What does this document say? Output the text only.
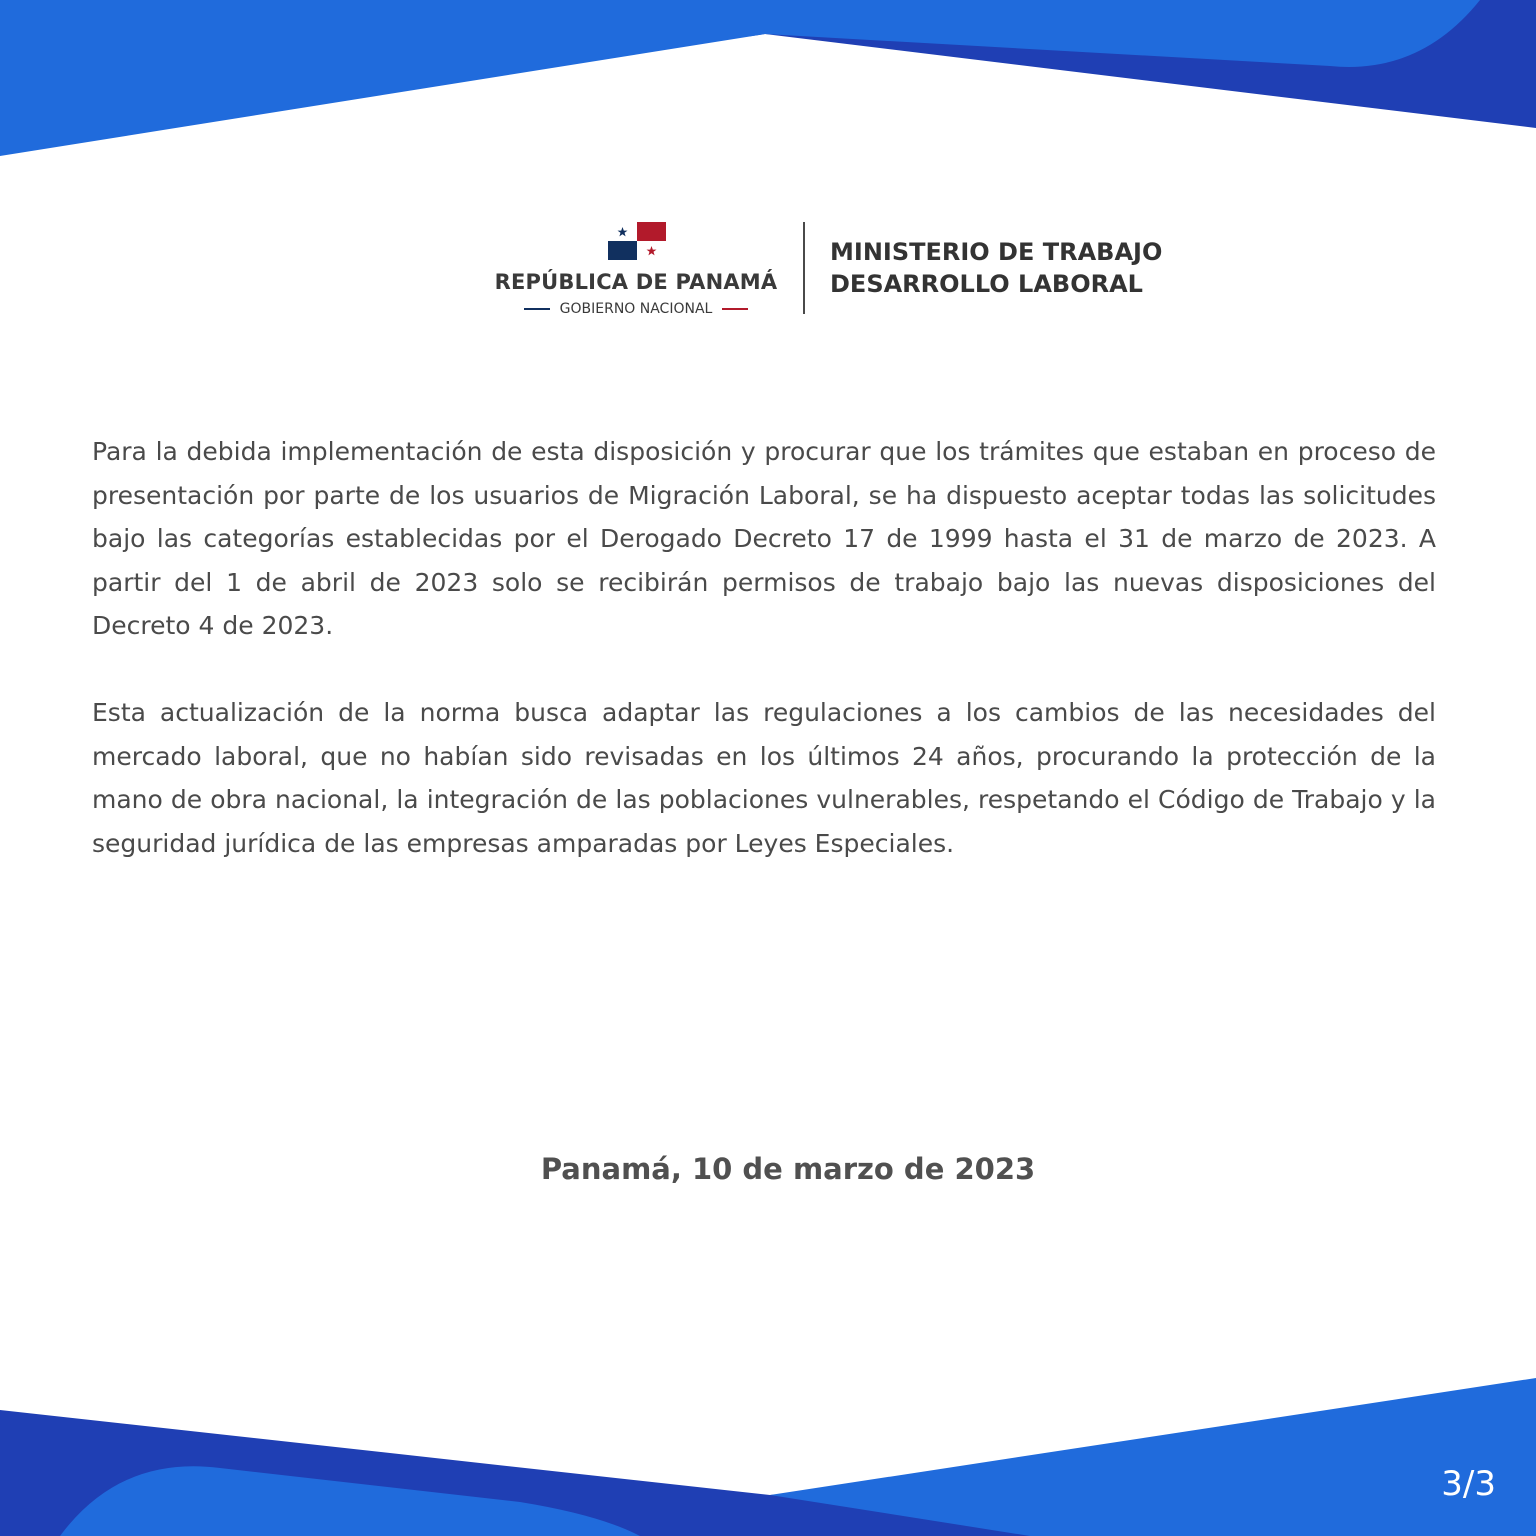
REPÚBLICA DE PANAMÁ
GOBIERNO NACIONAL
MINISTERIO DE TRABAJO
DESARROLLO LABORAL

Para la debida implementación de esta disposición y procurar que los trámites que estaban en proceso de presentación por parte de los usuarios de Migración Laboral, se ha dispuesto aceptar todas las solicitudes bajo las categorías establecidas por el Derogado Decreto 17 de 1999 hasta el 31 de marzo de 2023. A partir del 1 de abril de 2023 solo se recibirán permisos de trabajo bajo las nuevas disposiciones del Decreto 4 de 2023.

Esta actualización de la norma busca adaptar las regulaciones a los cambios de las necesidades del mercado laboral, que no habían sido revisadas en los últimos 24 años, procurando la protección de la mano de obra nacional, la integración de las poblaciones vulnerables, respetando el Código de Trabajo y la seguridad jurídica de las empresas amparadas por Leyes Especiales.

Panamá, 10 de marzo de 2023
3/3
